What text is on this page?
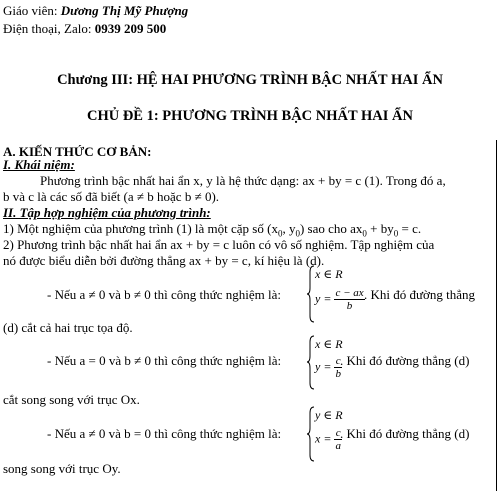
Giáo viên: Dương Thị Mỹ Phượng
Điện thoại, Zalo: 0939 209 500
Chương III: HỆ HAI PHƯƠNG TRÌNH BẬC NHẤT HAI ẨN
CHỦ ĐỀ 1: PHƯƠNG TRÌNH BẬC NHẤT HAI ẨN
A. KIẾN THỨC CƠ BẢN:
I. Khái niệm:
Phương trình bậc nhất hai ẩn x, y là hệ thức dạng: ax + by = c (1). Trong đó a,
b và c là các số đã biết (a ≠ b hoặc b ≠ 0).
II. Tập hợp nghiệm của phương trình:
1) Một nghiệm của phương trình (1) là một cặp số ($x_0$, $y_0$) sao cho $ax_0 + by_0 = c$.
2) Phương trình bậc nhất hai ẩn ax + by = c luôn có vô số nghiệm. Tập nghiệm của
nó được biểu diễn bởi đường thẳng ax + by = c, kí hiệu là (d).
- Nếu a ≠ 0 và b ≠ 0 thì công thức nghiệm là:
x ∈ R
$y = \frac{c - ax}{b}$ . Khi đó đường thẳng
(d) cắt cả hai trục tọa độ.
- Nếu a = 0 và b ≠ 0 thì công thức nghiệm là:
x ∈ R
$y = \frac{c}{b}$
. Khi đó đường thẳng (d)
cắt song song với trục Ox.
- Nếu a ≠ 0 và b = 0 thì công thức nghiệm là:
y ∈ R
$x = \frac{c}{a}$
. Khi đó đường thẳng (d)
song song với trục Oy.
